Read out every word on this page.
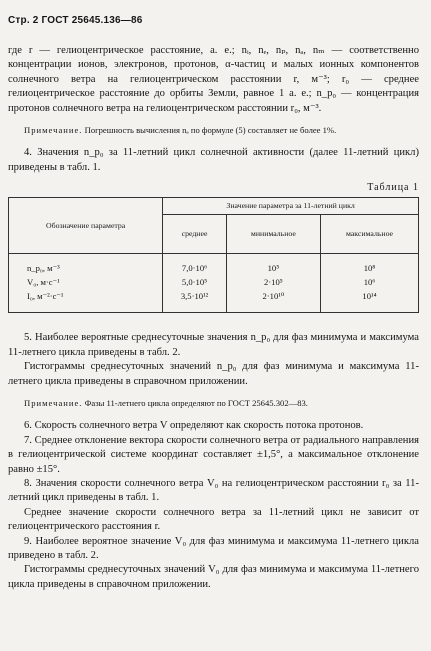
Стр. 2 ГОСТ 25645.136—86

где r — гелиоцентрическое расстояние, а. е.; nᵢ, nₑ, nₚ, nₐ, nₘ — соответственно концентрации ионов, электронов, протонов, α-частиц и малых ионных компонентов солнечного ветра на гелиоцентрическом расстоянии r, м⁻³; r₀ — среднее гелиоцентрическое расстояние до орбиты Земли, равное 1 а. е.; n_p₀ — концентрация протонов солнечного ветра на гелиоцентрическом расстоянии r₀, м⁻³.

Примечание. Погрешность вычисления nₐ по формуле (5) составляет не более 1%.

4. Значения n_p₀ за 11-летний цикл солнечной активности (далее 11-летний цикл) приведены в табл. 1.

Таблица 1

Обозначение параметра	Значение параметра за 11-летний цикл		
	среднее	минимальное	максимальное
n_p₀, м⁻³	7,0·10⁶	10⁵	10⁸
V₀, м·с⁻¹	5,0·10⁵	2·10⁵	10⁶
I₀, м⁻²·с⁻¹	3,5·10¹²	2·10¹⁰	10¹⁴

5. Наиболее вероятные среднесуточные значения n_p₀ для фаз минимума и максимума 11-летнего цикла приведены в табл. 2.

Гистограммы среднесуточных значений n_p₀ для фаз минимума и максимума 11-летнего цикла приведены в справочном приложении.

Примечание. Фазы 11-летнего цикла определяют по ГОСТ 25645.302—83.

6. Скорость солнечного ветра V определяют как скорость потока протонов.

7. Среднее отклонение вектора скорости солнечного ветра от радиального направления в гелиоцентрической системе координат составляет ±1,5°, а максимальное отклонение равно ±15°.

8. Значения скорости солнечного ветра V₀ на гелиоцентрическом расстоянии r₀ за 11-летний цикл приведены в табл. 1.

Среднее значение скорости солнечного ветра за 11-летний цикл не зависит от гелиоцентрического расстояния r.

9. Наиболее вероятное значение V₀ для фаз минимума и максимума 11-летнего цикла приведено в табл. 2.

Гистограммы среднесуточных значений V₀ для фаз минимума и максимума 11-летнего цикла приведены в справочном приложении.
